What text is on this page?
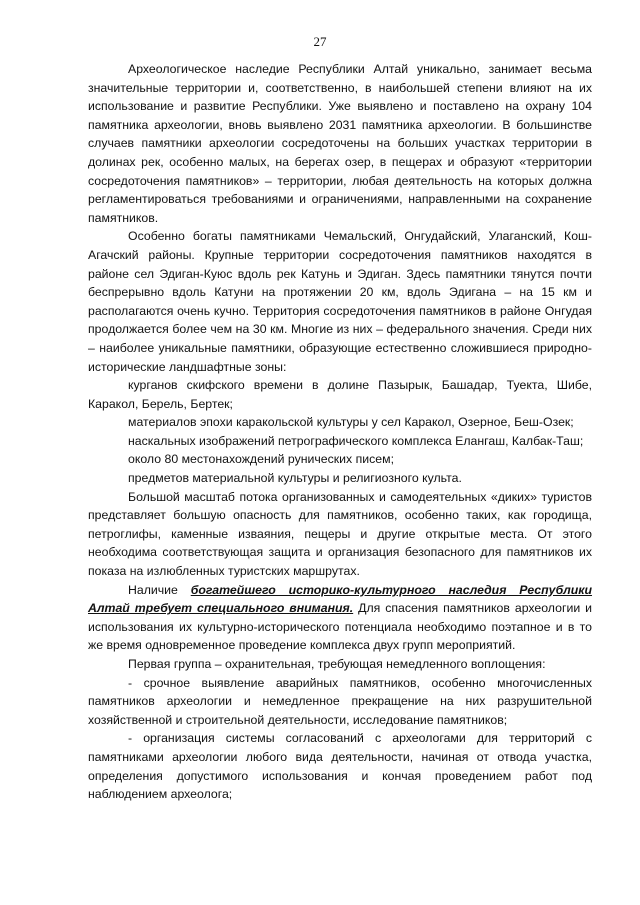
27

Археологическое наследие Республики Алтай уникально, занимает весьма значительные территории и, соответственно, в наибольшей степени влияют на их использование и развитие Республики. Уже выявлено и поставлено на охрану 104 памятника археологии, вновь выявлено 2031 памятника археологии. В большинстве случаев памятники археологии сосредоточены на больших участках территории в долинах рек, особенно малых, на берегах озер, в пещерах и образуют «территории сосредоточения памятников» – территории, любая деятельность на которых должна регламентироваться требованиями и ограничениями, направленными на сохранение памятников.

Особенно богаты памятниками Чемальский, Онгудайский, Улаганский, Кош-Агачский районы. Крупные территории сосредоточения памятников находятся в районе сел Эдиган-Куюс вдоль рек Катунь и Эдиган. Здесь памятники тянутся почти беспрерывно вдоль Катуни на протяжении 20 км, вдоль Эдигана – на 15 км и располагаются очень кучно. Территория сосредоточения памятников в районе Онгудая продолжается более чем на 30 км. Многие из них – федерального значения. Среди них – наиболее уникальные памятники, образующие естественно сложившиеся природно-исторические ландшафтные зоны:

курганов скифского времени в долине Пазырык, Башадар, Туекта, Шибе, Каракол, Берель, Бертек;

материалов эпохи каракольской культуры у сел Каракол, Озерное, Беш-Озек;

наскальных изображений петрографического комплекса Елангаш, Калбак-Таш;

около 80 местонахождений рунических писем;

предметов материальной культуры и религиозного культа.

Большой масштаб потока организованных и самодеятельных «диких» туристов представляет большую опасность для памятников, особенно таких, как городища, петроглифы, каменные изваяния, пещеры и другие открытые места. От этого необходима соответствующая защита и организация безопасного для памятников их показа на излюбленных туристских маршрутах.

Наличие богатейшего историко-культурного наследия Республики Алтай требует специального внимания. Для спасения памятников археологии и использования их культурно-исторического потенциала необходимо поэтапное и в то же время одновременное проведение комплекса двух групп мероприятий.

Первая группа – охранительная, требующая немедленного воплощения:

- срочное выявление аварийных памятников, особенно многочисленных памятников археологии и немедленное прекращение на них разрушительной хозяйственной и строительной деятельности, исследование памятников;

- организация системы согласований с археологами для территорий с памятниками археологии любого вида деятельности, начиная от отвода участка, определения допустимого использования и кончая проведением работ под наблюдением археолога;
